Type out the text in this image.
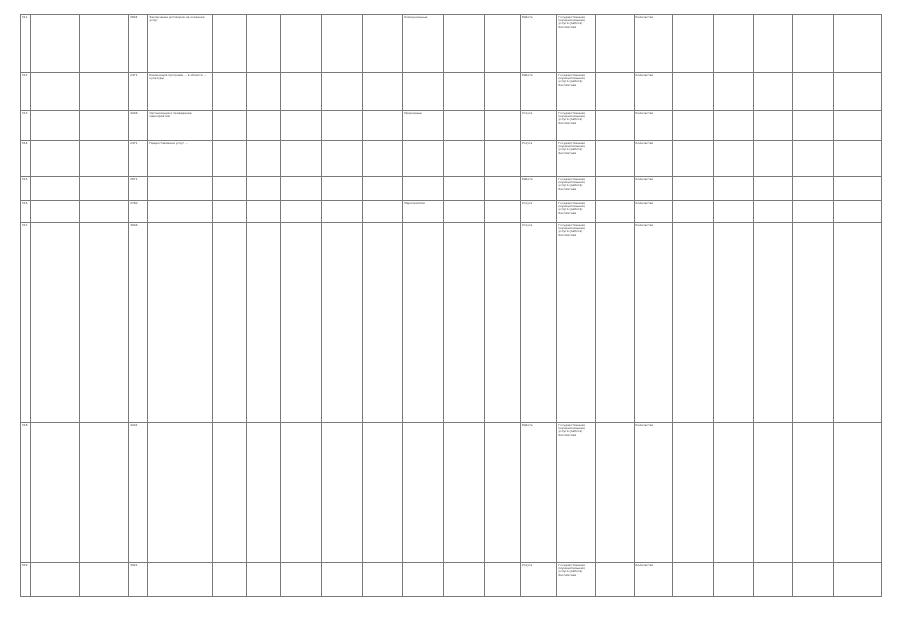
511			2824	Заключение договоров на оказание услуг						Коммунальные			Работа	Государственная (муниципальная) услуга (работа) бесплатная		Количество					
512			2471	Реализация программ ... в области ... культуры									Работа	Государственная (муниципальная) услуга (работа) бесплатная		Количество					
513			4246	Организация и проведение мероприятий						Природные			Услуга	Государственная (муниципальная) услуга (работа) бесплатная		Количество					
514			2471	Предоставление услуг ...									Услуга	Государственная (муниципальная) услуга (работа) бесплатная		Количество					
515			2871										Работа	Государственная (муниципальная) услуга (работа) бесплатная		Количество					
516			2760							Мероприятия			Услуга	Государственная (муниципальная) услуга (работа) бесплатная		Количество					
517			3646										Услуга	Государственная (муниципальная) услуга (работа) бесплатная		Количество					
518			4242										Работа	Государственная (муниципальная) услуга (работа) бесплатная		Количество					
519			3941										Услуга	Государственная (муниципальная) услуга (работа) бесплатная		Количество					
